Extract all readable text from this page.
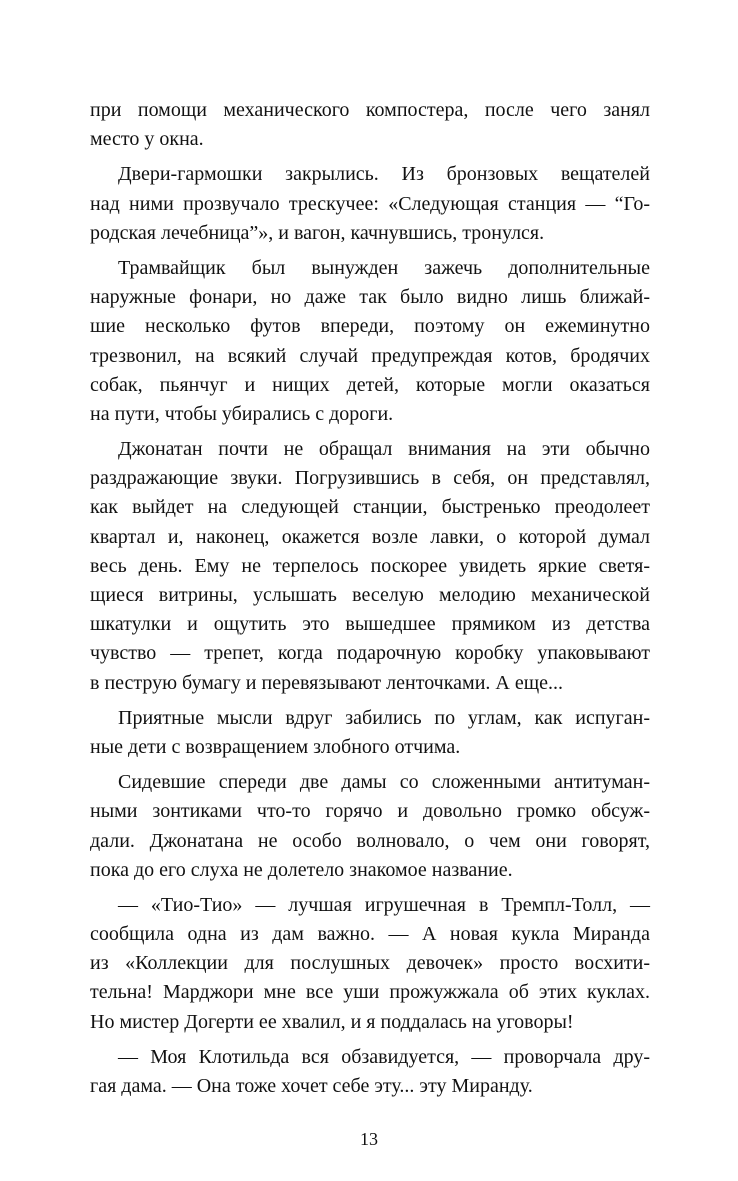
при помощи механического компостера, после чего занял
место у окна.
Двери-гармошки закрылись. Из бронзовых вещателей
над ними прозвучало трескучее: «Следующая станция — “Го-
родская лечебница”», и вагон, качнувшись, тронулся.
Трамвайщик был вынужден зажечь дополнительные
наружные фонари, но даже так было видно лишь ближай-
шие несколько футов впереди, поэтому он ежеминутно
трезвонил, на всякий случай предупреждая котов, бродячих
собак, пьянчуг и нищих детей, которые могли оказаться
на пути, чтобы убирались с дороги.
Джонатан почти не обращал внимания на эти обычно
раздражающие звуки. Погрузившись в себя, он представлял,
как выйдет на следующей станции, быстренько преодолеет
квартал и, наконец, окажется возле лавки, о которой думал
весь день. Ему не терпелось поскорее увидеть яркие светя-
щиеся витрины, услышать веселую мелодию механической
шкатулки и ощутить это вышедшее прямиком из детства
чувство — трепет, когда подарочную коробку упаковывают
в пеструю бумагу и перевязывают ленточками. А еще...
Приятные мысли вдруг забились по углам, как испуган-
ные дети с возвращением злобного отчима.
Сидевшие спереди две дамы со сложенными антитуман-
ными зонтиками что-то горячо и довольно громко обсуж-
дали. Джонатана не особо волновало, о чем они говорят,
пока до его слуха не долетело знакомое название.
— «Тио-Тио» — лучшая игрушечная в Тремпл-Толл, —
сообщила одна из дам важно. — А новая кукла Миранда
из «Коллекции для послушных девочек» просто восхити-
тельна! Марджори мне все уши прожужжала об этих куклах.
Но мистер Догерти ее хвалил, и я поддалась на уговоры!
— Моя Клотильда вся обзавидуется, — проворчала дру-
гая дама. — Она тоже хочет себе эту... эту Миранду.
13
